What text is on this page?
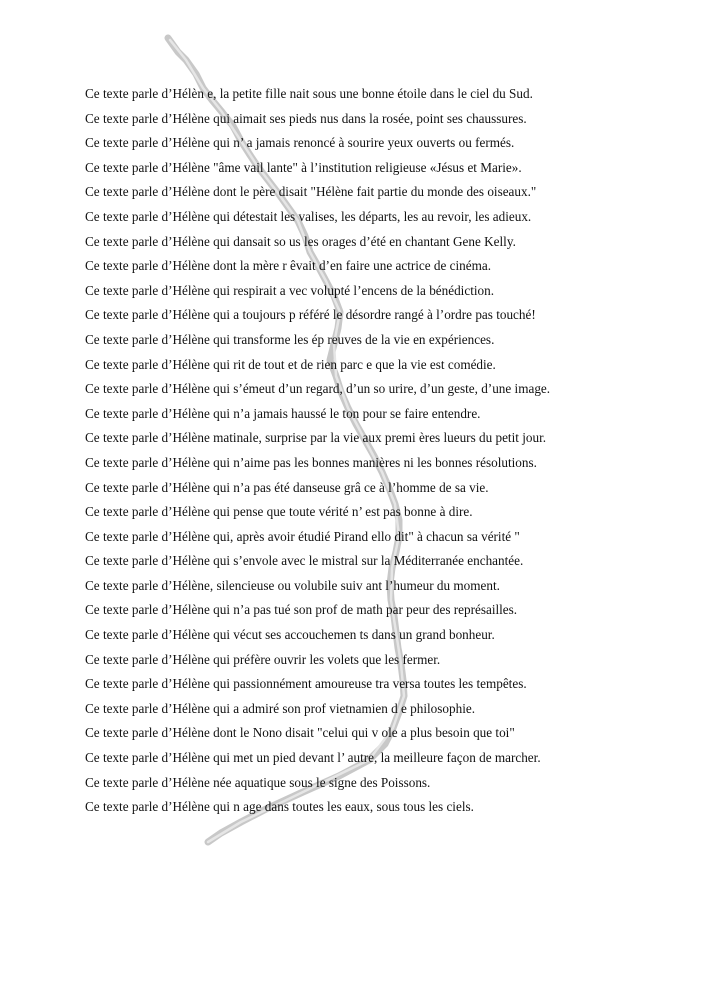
Ce texte parle d’Hélèn e, la petite fille nait sous une bonne étoile dans le ciel du Sud.
Ce texte parle d’Hélène qui aimait ses pieds nus dans la rosée, point ses chaussures.
Ce texte parle d’Hélène qui n’ a jamais renoncé à sourire yeux ouverts ou fermés.
Ce texte parle d’Hélène "âme vail lante" à l’institution religieuse «Jésus et Marie».
Ce texte parle d’Hélène dont le père disait "Hélène fait partie du monde des oiseaux."
Ce texte parle d’Hélène qui détestait les valises, les départs, les au revoir, les adieux.
Ce texte parle d’Hélène qui dansait so us les orages d’été en chantant Gene Kelly.
Ce texte parle d’Hélène dont la mère r êvait d’en faire une actrice de cinéma.
Ce texte parle d’Hélène qui respirait a vec volupté l’encens de la bénédiction.
Ce texte parle d’Hélène qui a toujours p référé le désordre rangé à l’ordre pas touché!
Ce texte parle d’Hélène qui transforme les ép reuves de la vie en expériences.
Ce texte parle d’Hélène qui rit de tout et de rien parc e que la vie est comédie.
Ce texte parle d’Hélène qui s’émeut d’un regard, d’un so urire, d’un geste, d’une image.
Ce texte parle d’Hélène qui n’a jamais haussé le ton pour se faire entendre.
Ce texte parle d’Hélène matinale, surprise par la vie aux premi ères lueurs du petit jour.
Ce texte parle d’Hélène qui n’aime pas les bonnes manières ni les bonnes résolutions.
Ce texte parle d’Hélène qui n’a pas été danseuse grâ ce à l’homme de sa vie.
Ce texte parle d’Hélène qui pense que toute vérité n’ est pas bonne à dire.
Ce texte parle d’Hélène qui, après avoir étudié Pirand ello dit" à chacun sa vérité "
Ce texte parle d’Hélène qui s’envole avec le mistral sur la Méditerranée enchantée.
Ce texte parle d’Hélène, silencieuse ou volubile suiv ant l’humeur du moment.
Ce texte parle d’Hélène qui n’a pas tué son prof de math par peur des représailles.
Ce texte parle d’Hélène qui vécut ses accouchemen ts dans un grand bonheur.
Ce texte parle d’Hélène qui préfère ouvrir les volets que les fermer.
Ce texte parle d’Hélène qui passionnément amoureuse tra versa toutes les tempêtes.
Ce texte parle d’Hélène qui a admiré son prof vietnamien d e philosophie.
Ce texte parle d’Hélène dont le Nono disait "celui qui v ole a plus besoin que toi"
Ce texte parle d’Hélène qui met un pied devant l’ autre, la meilleure façon de marcher.
Ce texte parle d’Hélène née aquatique sous le signe des Poissons.
Ce texte parle d’Hélène qui n age dans toutes les eaux, sous tous les ciels.
